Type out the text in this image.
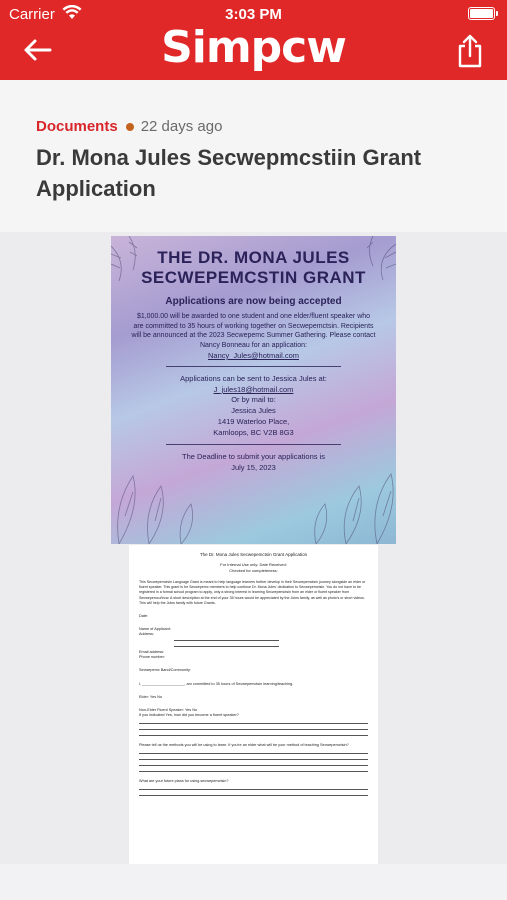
Carrier	3:03 PM
Simpcw
Documents 22 days ago
Dr. Mona Jules Secwepmcstiin Grant Application
THE DR. MONA JULES
SECWEPEMCSTIN GRANT
Applications are now being accepted
$1,000.00 will be awarded to one student and one elder/fluent speaker who are committed to 35 hours of working together on Secwepemctsin. Recipients will be announced at the 2023 Secwepemc Summer Gathering. Please contact Nancy Bonneau for an application:
Nancy_Jules@hotmail.com
Applications can be sent to Jessica Jules at:
J_jules18@hotmail.com
Or by mail to:
Jessica Jules
1419 Waterloo Place,
Kamloops, BC V2B 8G3
The Deadline to submit your applications is
July 15, 2023
The Dr. Mona Jules Secwepemctsin Grant Application
For Internal Use only: Date Received:
Checked for completeness:
This Secwepemctsin Language Grant is meant to help language learners further develop in their Secwepemctsin journey alongside an elder or fluent speaker. This grant is for Secwepemc members to help continue Dr. Mona Jules' dedication to Secwepemctsin. You do not have to be registered in a formal school program to apply, only a strong interest in learning Secwepemctsin from an elder or fluent speaker from Secwepemcul'ecw. A short description at the end of your 35 hours would be appreciated by the Jules family, as well as photo's or short videos. This will help the Jules family with future Grants.
Date:
Name of Applicant:
Address:
Email address:
Phone number:
Secwepemc Band/Community:
I, ____________________, am committed to 35 hours of Secwepemctsin learning/teaching.
Elder: Yes No
Non-Elder Fluent Speaker: Yes No
If you indicated Yes, how did you become a fluent speaker?
Please tell us the methods you will be using to learn. If you're an elder what will be your method of teaching Secwepemctsin?
What are your future plans for using secwepemctsin?
